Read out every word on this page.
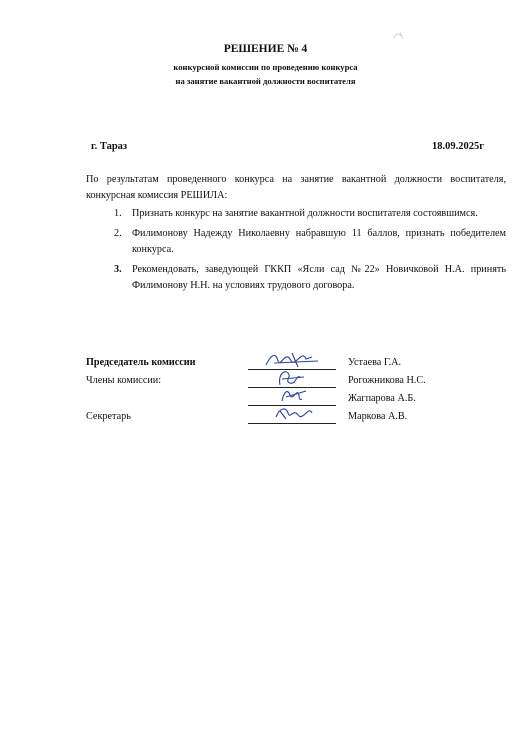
РЕШЕНИЕ № 4
конкурсной комиссии по проведению конкурса
на занятие вакантной должности воспитателя
г. Тараз	18.09.2025г
По результатам проведенного конкурса на занятие вакантной должности воспитателя, конкурсная комиссия РЕШИЛА:
1. Признать конкурс на занятие вакантной должности воспитателя состоявшимся.
2. Филимонову Надежду Николаевну набравшую 11 баллов, признать победителем конкурса.
3. Рекомендовать, заведующей ГККП «Ясли сад №22» Новичковой Н.А. принять Филимонову Н.Н. на условиях трудового договора.
Председатель комиссии	Устаева Г.А.
Члены комиссии:	Рогожникова Н.С.
Жагпарова А.Б.
Секретарь	Маркова А.В.
